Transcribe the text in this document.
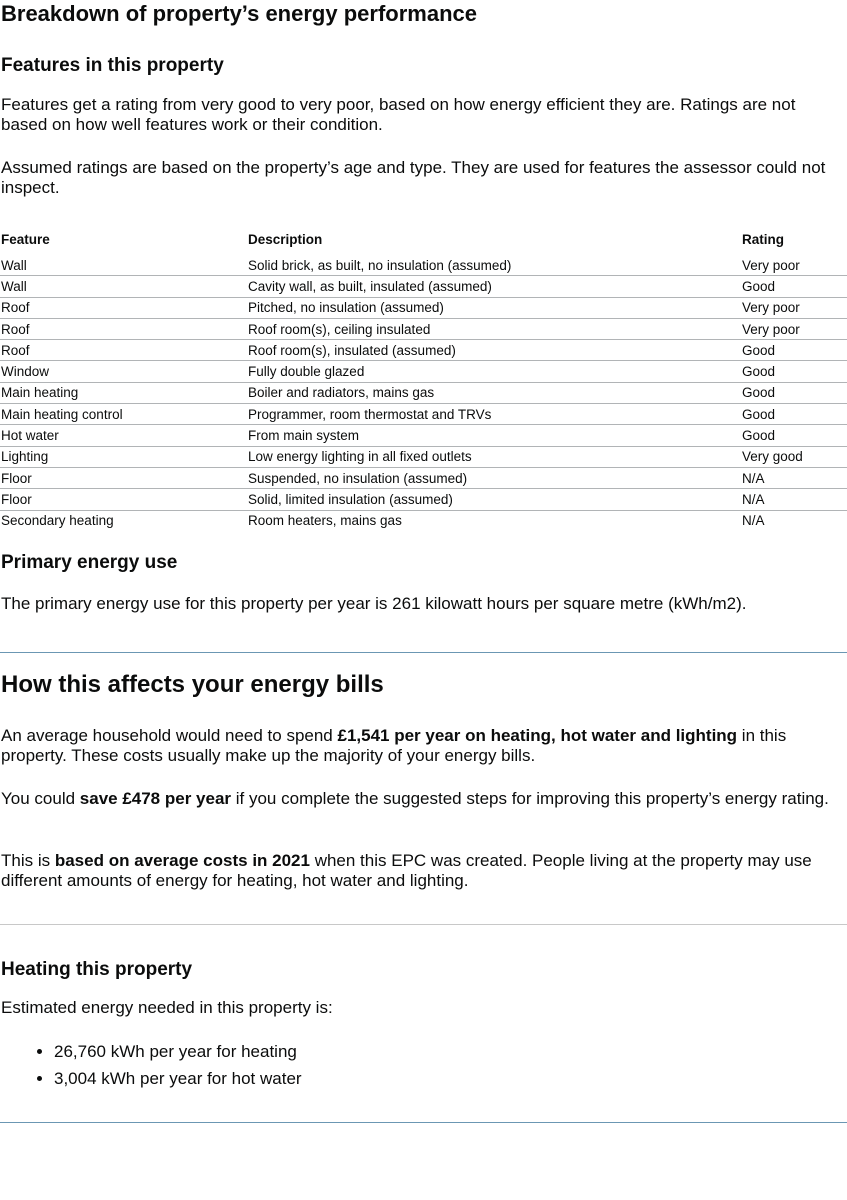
Breakdown of property’s energy performance
Features in this property

Features get a rating from very good to very poor, based on how energy efficient they are. Ratings are not based on how well features work or their condition.

Assumed ratings are based on the property’s age and type. They are used for features the assessor could not inspect.

Feature	Description	Rating
Wall	Solid brick, as built, no insulation (assumed)	Very poor
Wall	Cavity wall, as built, insulated (assumed)	Good
Roof	Pitched, no insulation (assumed)	Very poor
Roof	Roof room(s), ceiling insulated	Very poor
Roof	Roof room(s), insulated (assumed)	Good
Window	Fully double glazed	Good
Main heating	Boiler and radiators, mains gas	Good
Main heating control	Programmer, room thermostat and TRVs	Good
Hot water	From main system	Good
Lighting	Low energy lighting in all fixed outlets	Very good
Floor	Suspended, no insulation (assumed)	N/A
Floor	Solid, limited insulation (assumed)	N/A
Secondary heating	Room heaters, mains gas	N/A
Primary energy use

The primary energy use for this property per year is 261 kilowatt hours per square metre (kWh/m2).

How this affects your energy bills

An average household would need to spend £1,541 per year on heating, hot water and lighting in this property. These costs usually make up the majority of your energy bills.

You could save £478 per year if you complete the suggested steps for improving this property’s energy rating.

This is based on average costs in 2021 when this EPC was created. People living at the property may use different amounts of energy for heating, hot water and lighting.

Heating this property

Estimated energy needed in this property is:

• 26,760 kWh per year for heating
• 3,004 kWh per year for hot water
